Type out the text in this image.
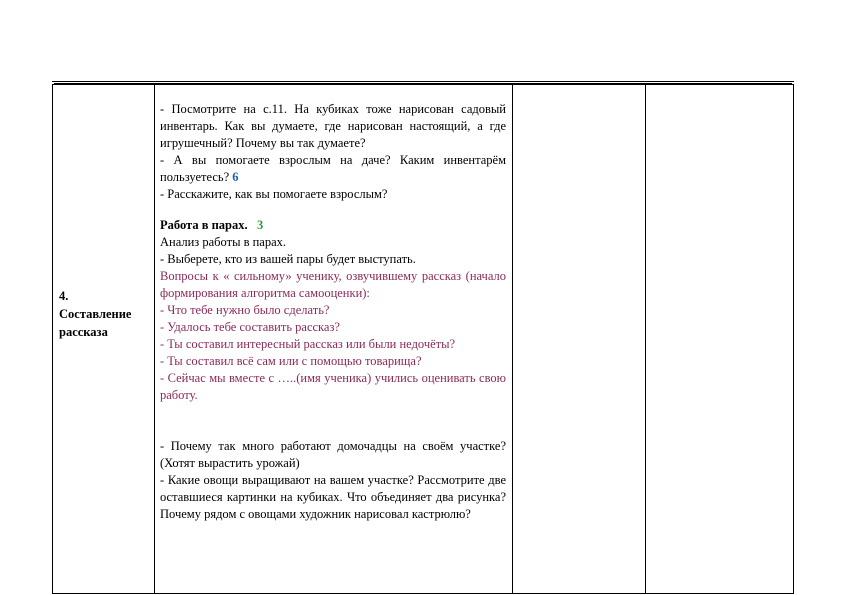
4.
Составление рассказа

- Посмотрите на с.11. На кубиках тоже нарисован садовый инвентарь. Как вы думаете, где нарисован настоящий, а где игрушечный? Почему вы так думаете?

- А вы помогаете взрослым на даче? Каким инвентарём пользуетесь? 6

- Расскажите, как вы помогаете взрослым?

Работа в парах. 3

Анализ работы в парах.

- Выберете, кто из вашей пары будет выступать.

Вопросы к « сильному» ученику, озвучившему рассказ (начало формирования алгоритма самооценки):

- Что тебе нужно было сделать?

- Удалось тебе составить рассказ?

- Ты составил интересный рассказ или были недочёты?

- Ты составил всё сам или с помощью товарища?

- Сейчас мы вместе с …..(имя ученика) учились оценивать свою работу.

- Почему так много работают домочадцы на своём участке? (Хотят вырастить урожай)

- Какие овощи выращивают на вашем участке? Рассмотрите две оставшиеся картинки на кубиках. Что объединяет два рисунка? Почему рядом с овощами художник нарисовал кастрюлю?
